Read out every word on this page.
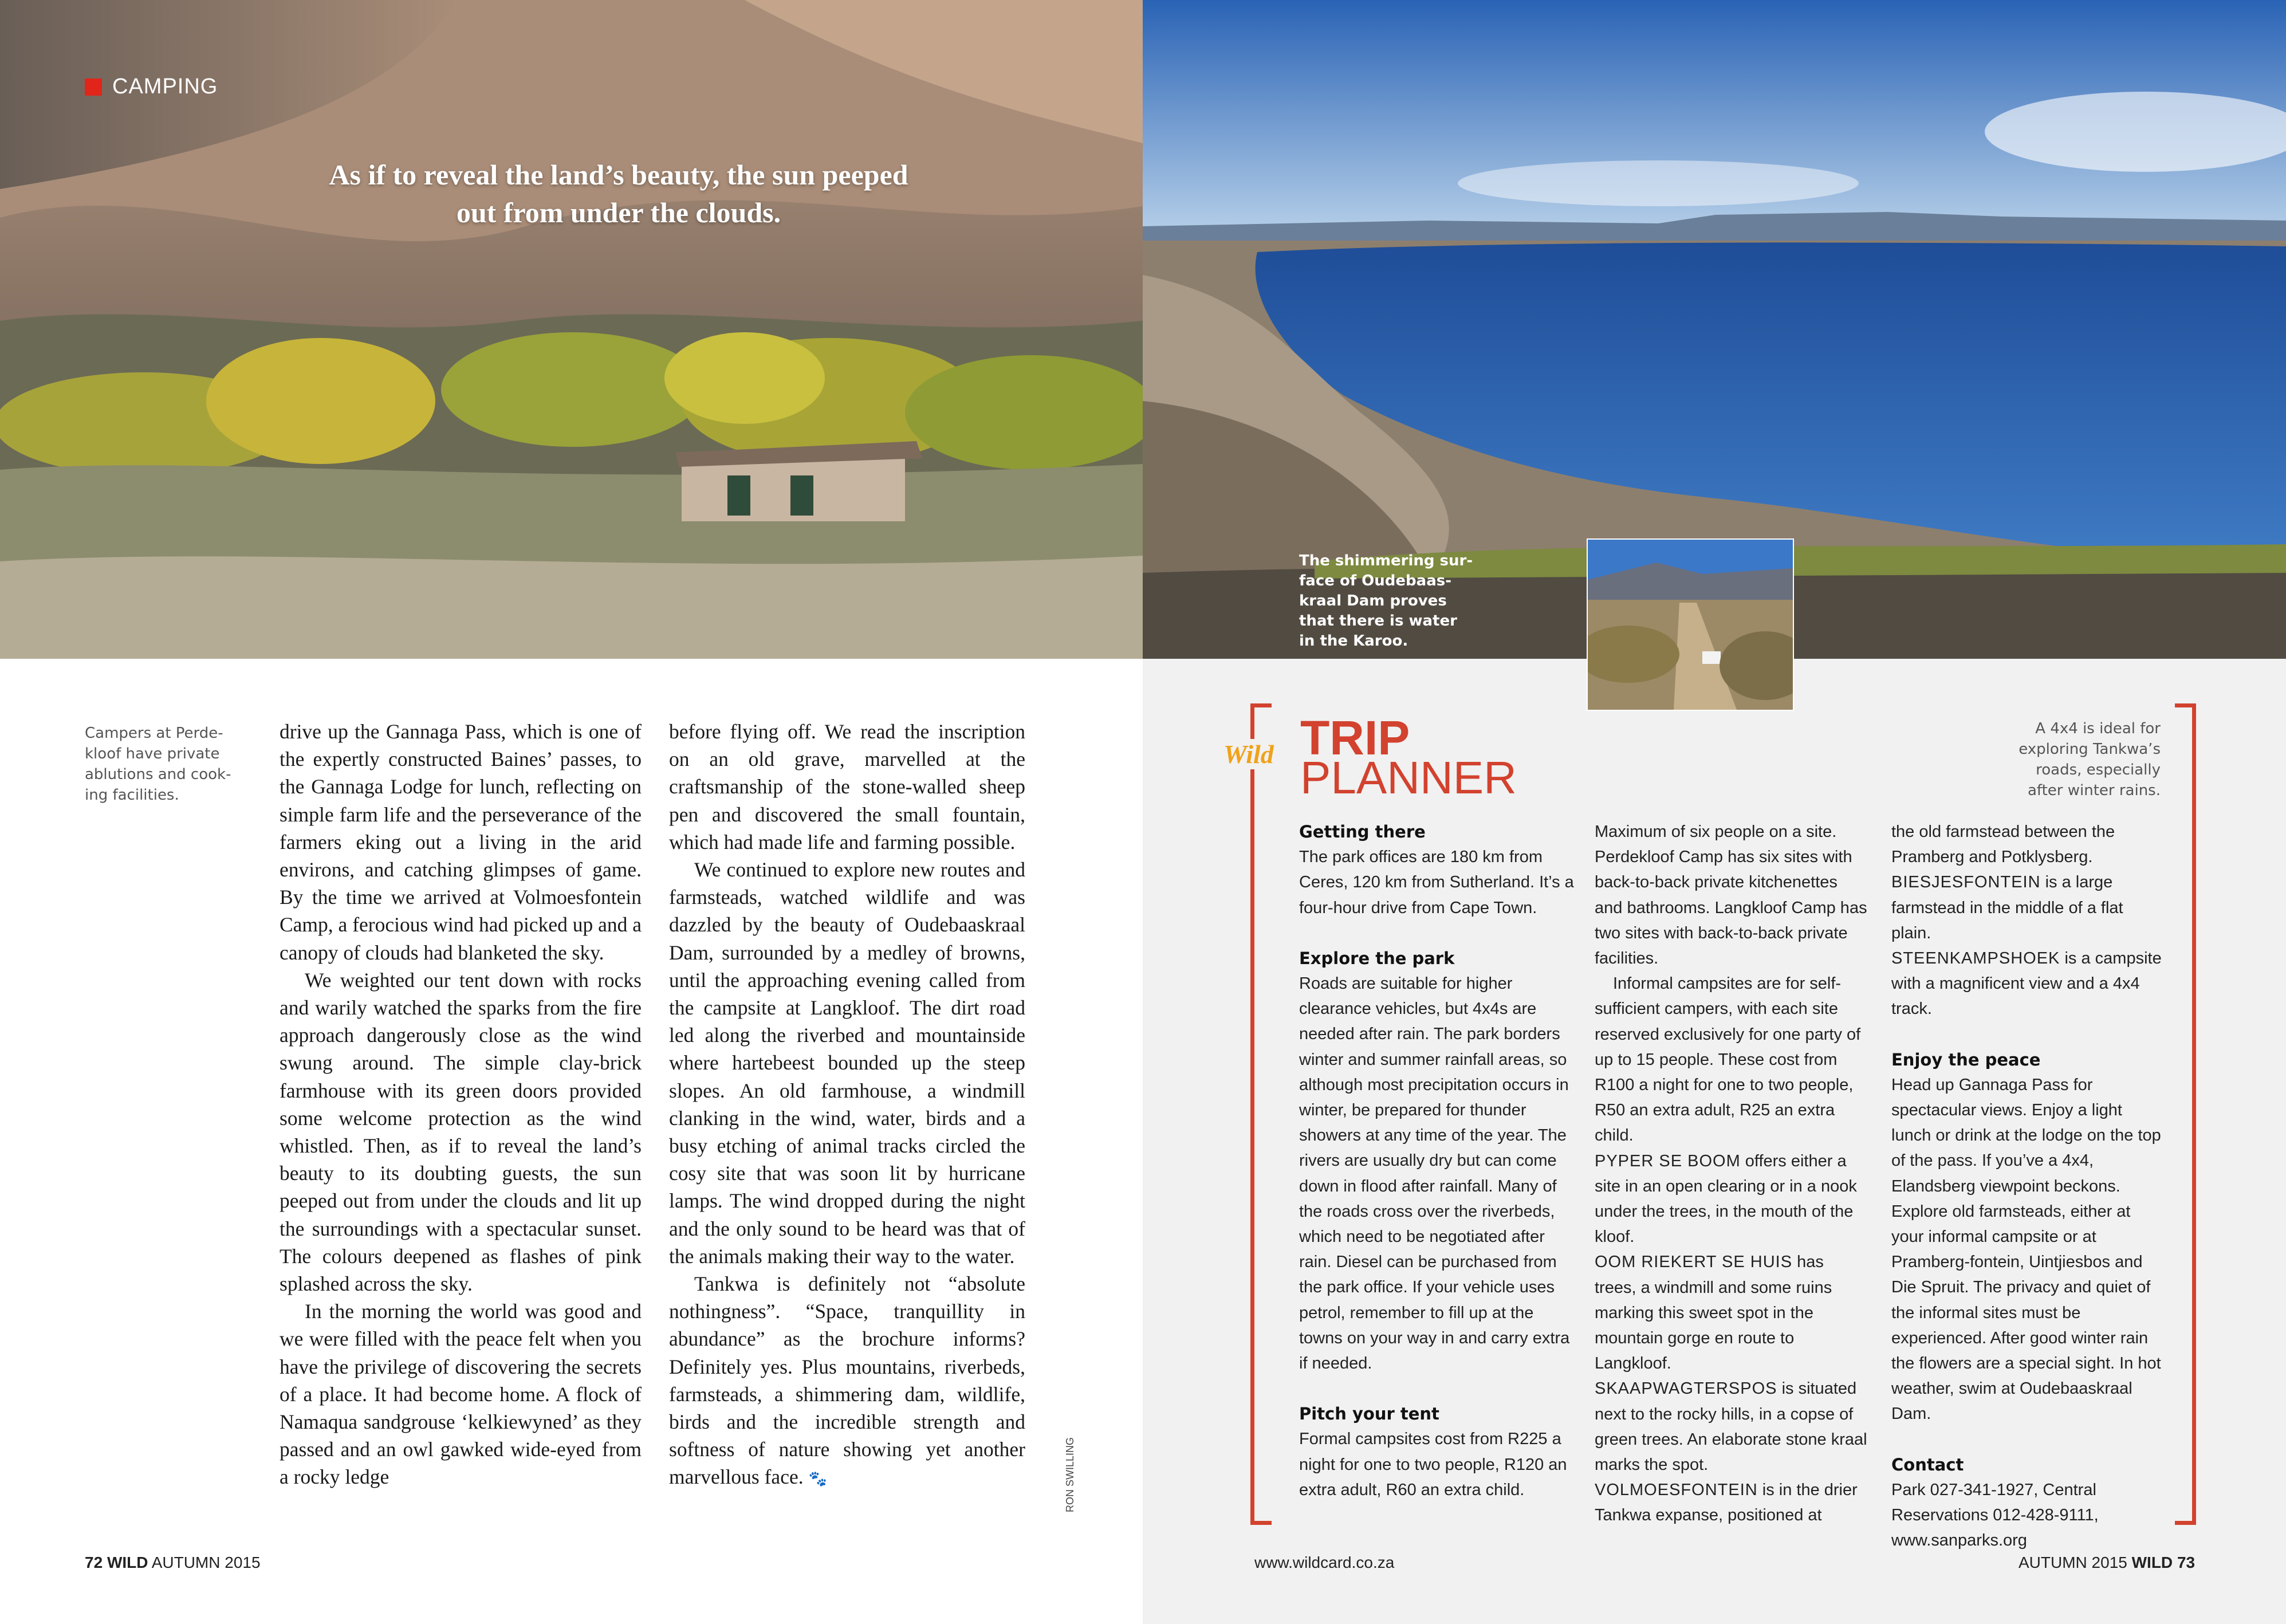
CAMPING
As if to reveal the land’s beauty, the sun peeped out from under the clouds.
Campers at Perde-
kloof have private
ablutions and cook-
ing facilities.

drive up the Gannaga Pass, which is one of the expertly constructed Baines’ passes, to the Gannaga Lodge for lunch, reflecting on simple farm life and the perseverance of the farmers eking out a living in the arid environs, and catching glimpses of game. By the time we arrived at Volmoesfontein Camp, a ferocious wind had picked up and a canopy of clouds had blanketed the sky.

We weighted our tent down with rocks and warily watched the sparks from the fire approach dangerously close as the wind swung around. The simple clay-brick farmhouse with its green doors provided some welcome protection as the wind whistled. Then, as if to reveal the land’s beauty to its doubting guests, the sun peeped out from under the clouds and lit up the surroundings with a spectacular sunset. The colours deepened as flashes of pink splashed across the sky.

In the morning the world was good and we were filled with the peace felt when you have the privilege of discovering the secrets of a place. It had become home. A flock of Namaqua sandgrouse ‘kelkiewyned’ as they passed and an owl gawked wide-eyed from a rocky ledge

before flying off. We read the inscription on an old grave, marvelled at the craftsmanship of the stone-walled sheep pen and discovered the small fountain, which had made life and farming possible.

We continued to explore new routes and farmsteads, watched wildlife and was dazzled by the beauty of Oudebaaskraal Dam, surrounded by a medley of browns, until the approaching evening called from the campsite at Langkloof. The dirt road led along the riverbed and mountainside where hartebeest bounded up the steep slopes. An old farmhouse, a windmill clanking in the wind, water, birds and a busy etching of animal tracks circled the cosy site that was soon lit by hurricane lamps. The wind dropped during the night and the only sound to be heard was that of the animals making their way to the water.

Tankwa is definitely not “absolute nothingness”. “Space, tranquillity in abundance” as the brochure informs? Definitely yes. Plus mountains, riverbeds, farmsteads, a shimmering dam, wildlife, birds and the incredible strength and softness of nature showing yet another marvellous face. 🐾	RON SWILLING
72 WILD AUTUMN 2015
The shimmering sur-
face of Oudebaas-
kraal Dam proves
that there is water
in the Karoo.
A 4x4 is ideal for
exploring Tankwa’s
roads, especially
after winter rains.
Wild TRIP
PLANNER
Getting there

The park offices are 180 km from Ceres, 120 km from Sutherland. It’s a four-hour drive from Cape Town.

Explore the park

Roads are suitable for higher clearance vehicles, but 4x4s are needed after rain. The park borders winter and summer rainfall areas, so although most precipitation occurs in winter, be prepared for thunder showers at any time of the year. The rivers are usually dry but can come down in flood after rainfall. Many of the roads cross over the riverbeds, which need to be negotiated after rain. Diesel can be purchased from the park office. If your vehicle uses petrol, remember to fill up at the towns on your way in and carry extra if needed.

Pitch your tent

Formal campsites cost from R225 a night for one to two people, R120 an extra adult, R60 an extra child.

Maximum of six people on a site. Perdekloof Camp has six sites with back-to-back private kitchenettes and bathrooms. Langkloof Camp has two sites with back-to-back private facilities.

Informal campsites are for self-sufficient campers, with each site reserved exclusively for one party of up to 15 people. These cost from R100 a night for one to two people, R50 an extra adult, R25 an extra child.

PYPER SE BOOM offers either a site in an open clearing or in a nook under the trees, in the mouth of the kloof.

OOM RIEKERT SE HUIS has trees, a windmill and some ruins marking this sweet spot in the mountain gorge en route to Langkloof.

SKAAPWAGTERSPOS is situated next to the rocky hills, in a copse of green trees. An elaborate stone kraal marks the spot.

VOLMOESFONTEIN is in the drier Tankwa expanse, positioned at

the old farmstead between the Pramberg and Potklysberg.

BIESJESFONTEIN is a large farmstead in the middle of a flat plain.

STEENKAMPSHOEK is a campsite with a magnificent view and a 4x4 track.

Enjoy the peace

Head up Gannaga Pass for spectacular views. Enjoy a light lunch or drink at the lodge on the top of the pass. If you’ve a 4x4, Elandsberg viewpoint beckons. Explore old farmsteads, either at your informal campsite or at Pramberg-fontein, Uintjiesbos and Die Spruit. The privacy and quiet of the informal sites must be experienced. After good winter rain the flowers are a special sight. In hot weather, swim at Oudebaaskraal Dam.

Contact

Park 027-341-1927, Central

Reservations 012-428-9111,

www.sanparks.org

www.wildcard.co.za	AUTUMN 2015 WILD 73
